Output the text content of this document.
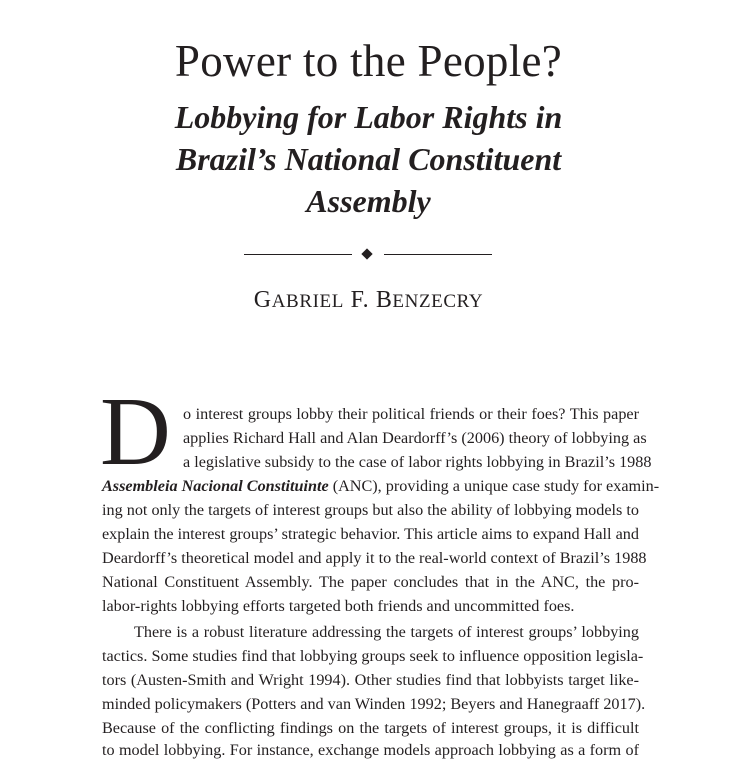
Power to the People?
Lobbying for Labor Rights in
Brazil’s National Constituent
Assembly

GABRIEL F. BENZECRY

D o interest groups lobby their political friends or their foes? This paper
applies Richard Hall and Alan Deardorff’s (2006) theory of lobbying as
a legislative subsidy to the case of labor rights lobbying in Brazil’s 1988
Assembleia Nacional Constituinte (ANC), providing a unique case study for examin-
ing not only the targets of interest groups but also the ability of lobbying models to
explain the interest groups’ strategic behavior. This article aims to expand Hall and
Deardorff’s theoretical model and apply it to the real-world context of Brazil’s 1988
National Constituent Assembly. The paper concludes that in the ANC, the pro-
labor-rights lobbying efforts targeted both friends and uncommitted foes.
There is a robust literature addressing the targets of interest groups’ lobbying
tactics. Some studies find that lobbying groups seek to influence opposition legisla-
tors (Austen-Smith and Wright 1994). Other studies find that lobbyists target like-
minded policymakers (Potters and van Winden 1992; Beyers and Hanegraaff 2017).
Because of the conflicting findings on the targets of interest groups, it is difficult
to model lobbying. For instance, exchange models approach lobbying as a form of
